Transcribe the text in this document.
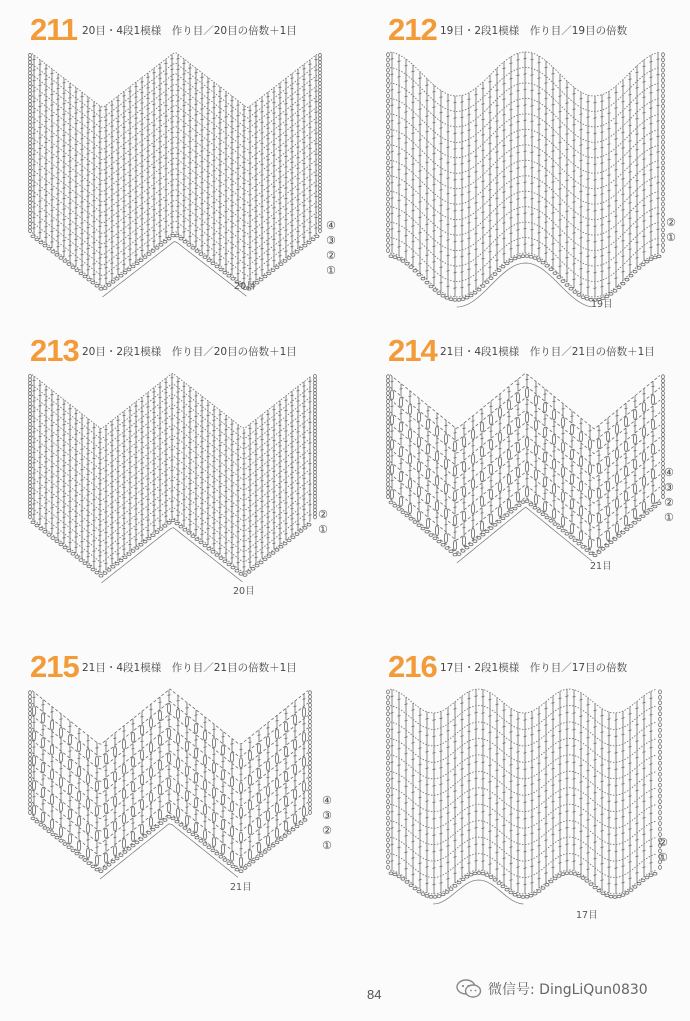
211 20目・4段1模様　作り目／20目の倍数＋1目
20目
④
③
②
①
212 19目・2段1模様　作り目／19目の倍数
19目
②
①
213 20目・2段1模様　作り目／20目の倍数＋1目
20目
②
①
214 21目・4段1模様　作り目／21目の倍数＋1目
21目
④
③
②
①
215 21目・4段1模様　作り目／21目の倍数＋1目
21目
④
③
②
①
216 17目・2段1模様　作り目／17目の倍数
17目
②
①
84	微信号: DingLiQun0830
